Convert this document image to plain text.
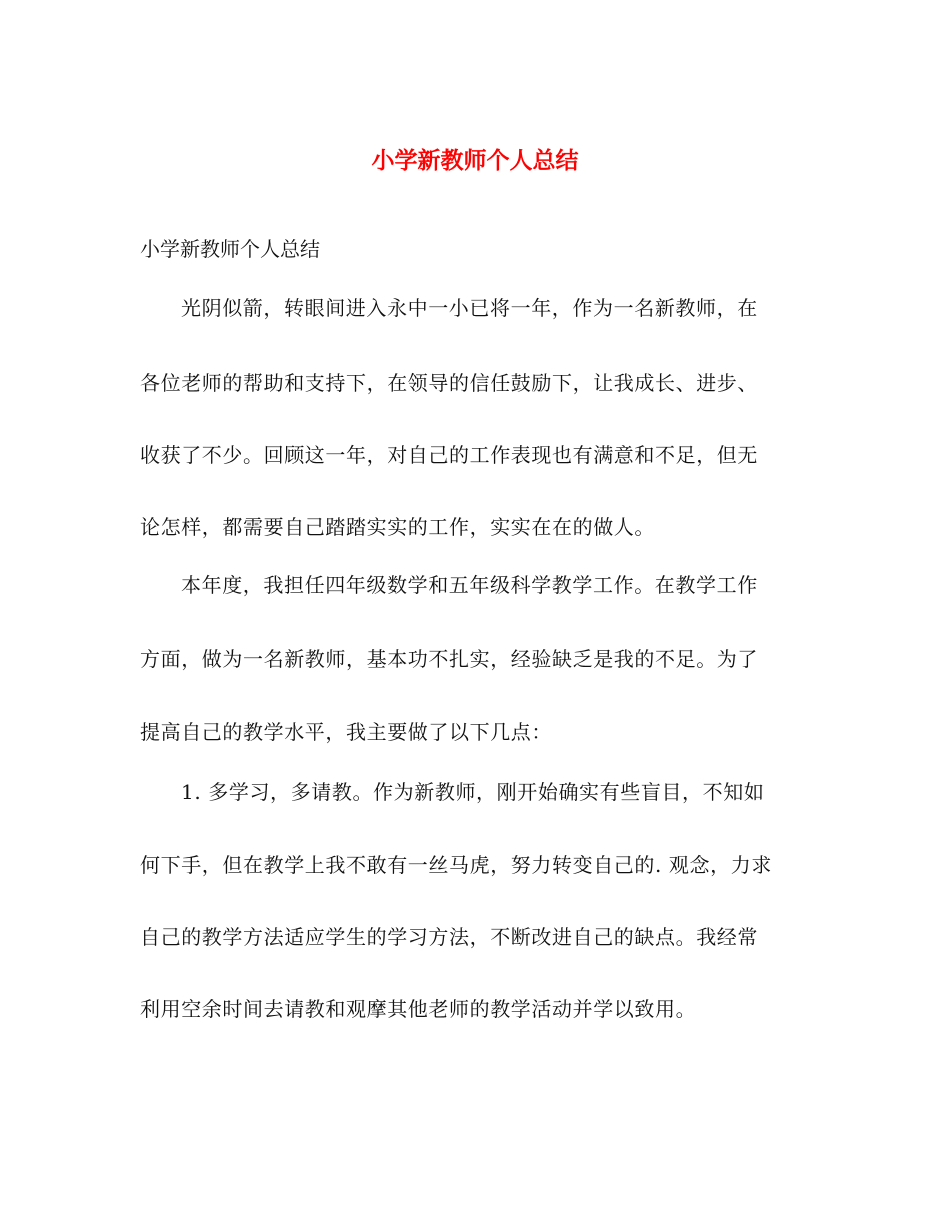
小学新教师个人总结
小学新教师个人总结
光阴似箭，转眼间进入永中一小已将一年，作为一名新教师，在
各位老师的帮助和支持下，在领导的信任鼓励下，让我成长、进步、
收获了不少。回顾这一年，对自己的工作表现也有满意和不足，但无
论怎样，都需要自己踏踏实实的工作，实实在在的做人。
本年度，我担任四年级数学和五年级科学教学工作。在教学工作
方面，做为一名新教师，基本功不扎实，经验缺乏是我的不足。为了
提高自己的教学水平，我主要做了以下几点：
1. 多学习，多请教。作为新教师，刚开始确实有些盲目，不知如
何下手，但在教学上我不敢有一丝马虎，努力转变自己的. 观念，力求
自己的教学方法适应学生的学习方法，不断改进自己的缺点。我经常
利用空余时间去请教和观摩其他老师的教学活动并学以致用。
